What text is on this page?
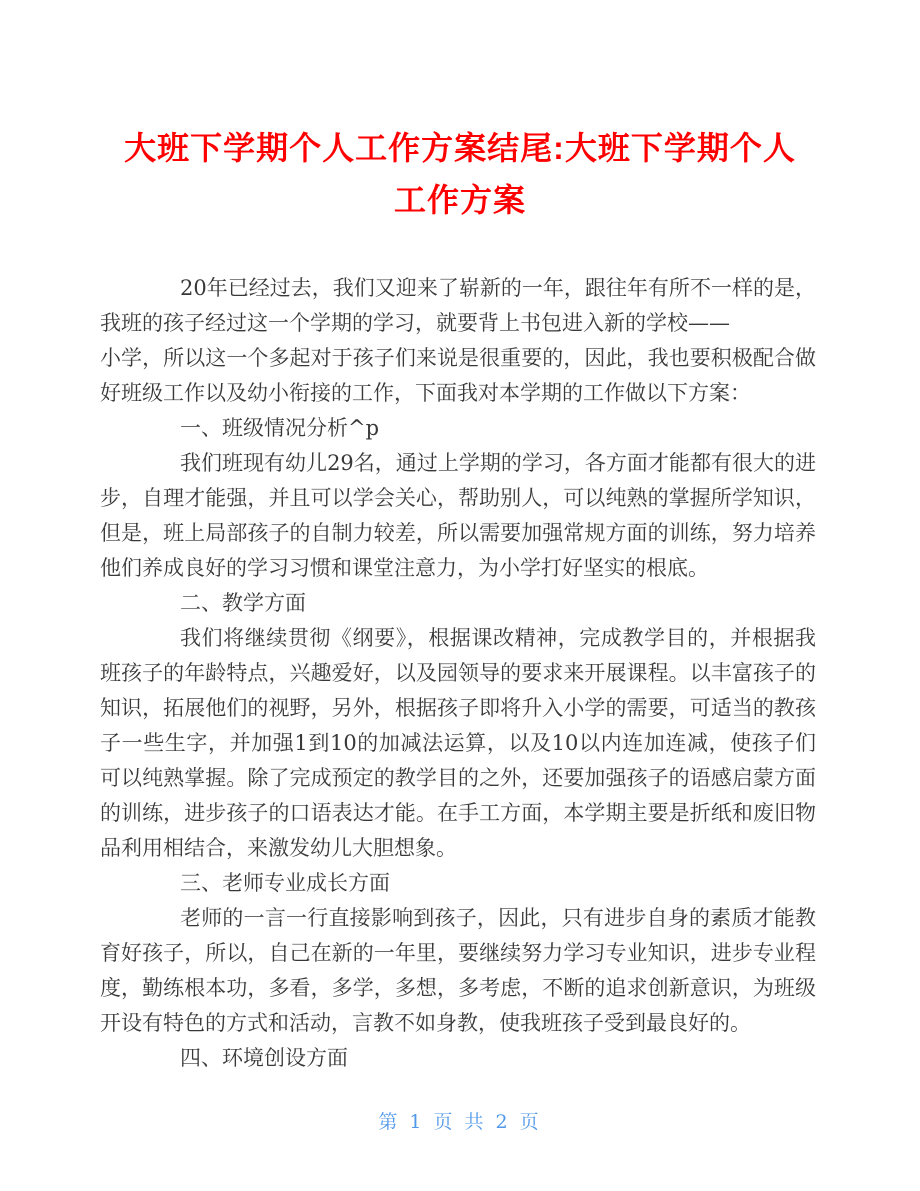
大班下学期个人工作方案结尾:大班下学期个人
工作方案

20年已经过去，我们又迎来了崭新的一年，跟往年有所不一样的是，我班的孩子经过这一个学期的学习，就要背上书包进入新的学校——

小学，所以这一个多起对于孩子们来说是很重要的，因此，我也要积极配合做好班级工作以及幼小衔接的工作，下面我对本学期的工作做以下方案：

一、班级情况分析^p

我们班现有幼儿29名，通过上学期的学习，各方面才能都有很大的进步，自理才能强，并且可以学会关心，帮助别人，可以纯熟的掌握所学知识，但是，班上局部孩子的自制力较差，所以需要加强常规方面的训练，努力培养他们养成良好的学习习惯和课堂注意力，为小学打好坚实的根底。

二、教学方面

我们将继续贯彻《纲要》，根据课改精神，完成教学目的，并根据我班孩子的年龄特点，兴趣爱好，以及园领导的要求来开展课程。以丰富孩子的知识，拓展他们的视野，另外，根据孩子即将升入小学的需要，可适当的教孩子一些生字，并加强1到10的加减法运算，以及10以内连加连减，使孩子们可以纯熟掌握。除了完成预定的教学目的之外，还要加强孩子的语感启蒙方面的训练，进步孩子的口语表达才能。在手工方面，本学期主要是折纸和废旧物品利用相结合，来激发幼儿大胆想象。

三、老师专业成长方面

老师的一言一行直接影响到孩子，因此，只有进步自身的素质才能教育好孩子，所以，自己在新的一年里，要继续努力学习专业知识，进步专业程度，勤练根本功，多看，多学，多想，多考虑，不断的追求创新意识，为班级开设有特色的方式和活动，言教不如身教，使我班孩子受到最良好的。

四、环境创设方面

第 1 页 共 2 页
